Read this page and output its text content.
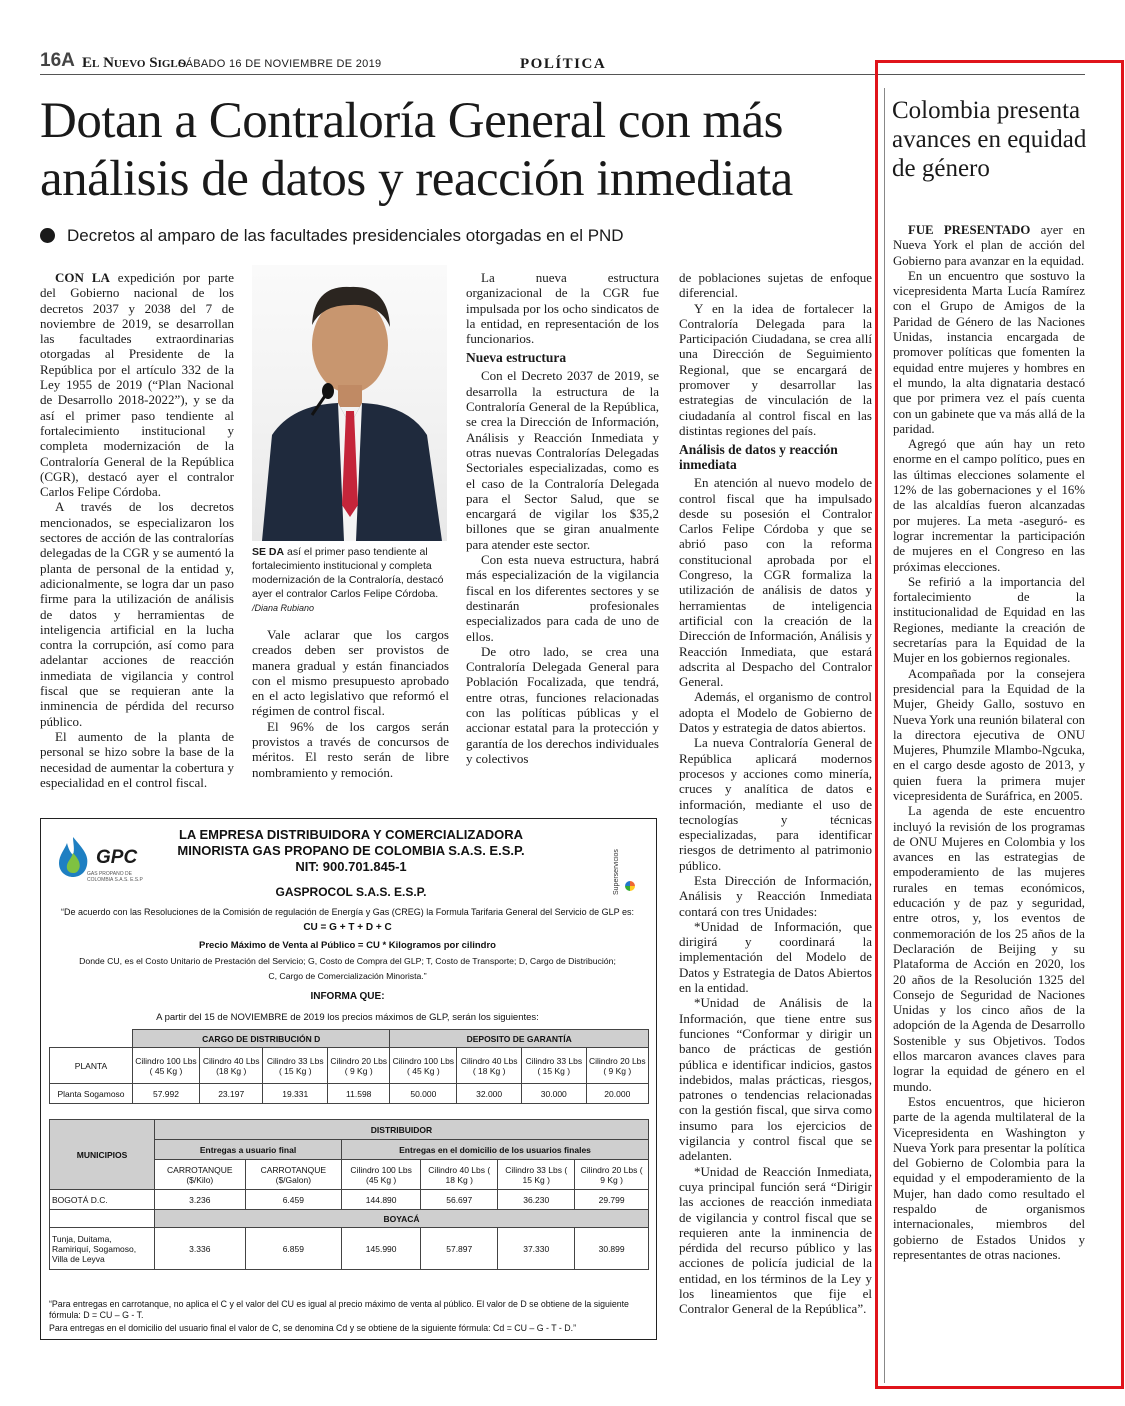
16A El Nuevo Siglo
SÁBADO 16 DE NOVIEMBRE DE 2019	POLÍTICA
Dotan a Contraloría General con más análisis de datos y reacción inmediata
Decretos al amparo de las facultades presidenciales otorgadas en el PND

CON LA expedición por parte del Gobierno nacional de los decretos 2037 y 2038 del 7 de noviembre de 2019, se desarrollan las facultades extraordinarias otorgadas al Presidente de la República por el artículo 332 de la Ley 1955 de 2019 (“Plan Nacional de Desarrollo 2018-2022”), y se da así el primer paso tendiente al fortalecimiento institucional y completa modernización de la Contraloría General de la República (CGR), destacó ayer el contralor Carlos Felipe Córdoba.

A través de los decretos mencionados, se especializaron los sectores de acción de las contralorías delegadas de la CGR y se aumentó la planta de personal de la entidad y, adicionalmente, se logra dar un paso firme para la utilización de análisis de datos y herramientas de inteligencia artificial en la lucha contra la corrupción, así como para adelantar acciones de reacción inmediata de vigilancia y control fiscal que se requieran ante la inminencia de pérdida del recurso público.

El aumento de la planta de personal se hizo sobre la base de la necesidad de aumentar la cobertura y especialidad en el control fiscal.

SE DA así el primer paso tendiente al fortalecimiento institucional y completa modernización de la Contraloría, destacó ayer el contralor Carlos Felipe Córdoba. /Diana Rubiano

Vale aclarar que los cargos creados deben ser provistos de manera gradual y están financiados con el mismo presupuesto aprobado en el acto legislativo que reformó el régimen de control fiscal.

El 96% de los cargos serán provistos a través de concursos de méritos. El resto serán de libre nombramiento y remoción.

La nueva estructura organizacional de la CGR fue impulsada por los ocho sindicatos de la entidad, en representación de los funcionarios.

Nueva estructura

Con el Decreto 2037 de 2019, se desarrolla la estructura de la Contraloría General de la República, se crea la Dirección de Información, Análisis y Reacción Inmediata y otras nuevas Contralorías Delegadas Sectoriales especializadas, como es el caso de la Contraloría Delegada para el Sector Salud, que se encargará de vigilar los $35,2 billones que se giran anualmente para atender este sector.

Con esta nueva estructura, habrá más especialización de la vigilancia fiscal en los diferentes sectores y se destinarán profesionales especializados para cada de uno de ellos.

De otro lado, se crea una Contraloría Delegada General para Población Focalizada, que tendrá, entre otras, funciones relacionadas con las políticas públicas y el accionar estatal para la protección y garantía de los derechos individuales y colectivos

de poblaciones sujetas de enfoque diferencial.

Y en la idea de fortalecer la Contraloría Delegada para la Participación Ciudadana, se crea allí una Dirección de Seguimiento Regional, que se encargará de promover y desarrollar las estrategias de vinculación de la ciudadanía al control fiscal en las distintas regiones del país.

Análisis de datos y reacción inmediata

En atención al nuevo modelo de control fiscal que ha impulsado desde su posesión el Contralor Carlos Felipe Córdoba y que se abrió paso con la reforma constitucional aprobada por el Congreso, la CGR formaliza la utilización de análisis de datos y herramientas de inteligencia artificial con la creación de la Dirección de Información, Análisis y Reacción Inmediata, que estará adscrita al Despacho del Contralor General.

Además, el organismo de control adopta el Modelo de Gobierno de Datos y estrategia de datos abiertos.

La nueva Contraloría General de República aplicará modernos procesos y acciones como minería, cruces y analítica de datos e información, mediante el uso de tecnologías y técnicas especializadas, para identificar riesgos de detrimento al patrimonio público.

Esta Dirección de Información, Análisis y Reacción Inmediata contará con tres Unidades:

*Unidad de Información, que dirigirá y coordinará la implementación del Modelo de Datos y Estrategia de Datos Abiertos en la entidad.

*Unidad de Análisis de la Información, que tiene entre sus funciones “Conformar y dirigir un banco de prácticas de gestión pública e identificar indicios, gastos indebidos, malas prácticas, riesgos, patrones o tendencias relacionadas con la gestión fiscal, que sirva como insumo para los ejercicios de vigilancia y control fiscal que se adelanten.

*Unidad de Reacción Inmediata, cuya principal función será “Dirigir las acciones de reacción inmediata de vigilancia y control fiscal que se requieren ante la inminencia de pérdida del recurso público y las acciones de policía judicial de la entidad, en los términos de la Ley y los lineamientos que fije el Contralor General de la República”.

Colombia presenta avances en equidad de género

FUE PRESENTADO ayer en Nueva York el plan de acción del Gobierno para avanzar en la equidad.

En un encuentro que sostuvo la vicepresidenta Marta Lucía Ramírez con el Grupo de Amigos de la Paridad de Género de las Naciones Unidas, instancia encargada de promover políticas que fomenten la equidad entre mujeres y hombres en el mundo, la alta dignataria destacó que por primera vez el país cuenta con un gabinete que va más allá de la paridad.

Agregó que aún hay un reto enorme en el campo político, pues en las últimas elecciones solamente el 12% de las gobernaciones y el 16% de las alcaldías fueron alcanzadas por mujeres. La meta -aseguró- es lograr incrementar la participación de mujeres en el Congreso en las próximas elecciones.

Se refirió a la importancia del fortalecimiento de la institucionalidad de Equidad en las Regiones, mediante la creación de secretarías para la Equidad de la Mujer en los gobiernos regionales.

Acompañada por la consejera presidencial para la Equidad de la Mujer, Gheidy Gallo, sostuvo en Nueva York una reunión bilateral con la directora ejecutiva de ONU Mujeres, Phumzile Mlambo-Ngcuka, en el cargo desde agosto de 2013, y quien fuera la primera mujer vicepresidenta de Suráfrica, en 2005.

La agenda de este encuentro incluyó la revisión de los programas de ONU Mujeres en Colombia y los avances en las estrategias de empoderamiento de las mujeres rurales en temas económicos, educación y de paz y seguridad, entre otros, y, los eventos de conmemoración de los 25 años de la Declaración de Beijing y su Plataforma de Acción en 2020, los 20 años de la Resolución 1325 del Consejo de Seguridad de Naciones Unidas y los cinco años de la adopción de la Agenda de Desarrollo Sostenible y sus Objetivos. Todos ellos marcaron avances claves para lograr la equidad de género en el mundo.

Estos encuentros, que hicieron parte de la agenda multilateral de la Vicepresidenta en Washington y Nueva York para presentar la política del Gobierno de Colombia para la equidad y el empoderamiento de la Mujer, han dado como resultado el respaldo de organismos internacionales, miembros del gobierno de Estados Unidos y representantes de otras naciones.

GPC
GAS PROPANO DE COLOMBIA S.A.S. E.S.P	Superservicios
LA EMPRESA DISTRIBUIDORA Y COMERCIALIZADORA
MINORISTA GAS PROPANO DE COLOMBIA S.A.S. E.S.P.
NIT: 900.701.845-1
GASPROCOL S.A.S. E.S.P.
“De acuerdo con las Resoluciones de la Comisión de regulación de Energía y Gas (CREG) la Formula Tarifaria General del Servicio de GLP es:
CU = G + T + D + C
Precio Máximo de Venta al Público = CU * Kilogramos por cilindro
Donde CU, es el Costo Unitario de Prestación del Servicio; G, Costo de Compra del GLP; T, Costo de Transporte; D, Cargo de Distribución;
C, Cargo de Comercialización Minorista.”
INFORMA QUE:
A partir del 15 de NOVIEMBRE de 2019 los precios máximos de GLP, serán los siguientes:
	CARGO DE DISTRIBUCIÓN D				DEPOSITO DE GARANTÍA			
PLANTA	Cilindro 100 Lbs ( 45 Kg )	Cilindro 40 Lbs (18 Kg )	Cilindro 33 Lbs ( 15 Kg )	Cilindro 20 Lbs ( 9 Kg )	Cilindro 100 Lbs ( 45 Kg )	Cilindro 40 Lbs ( 18 Kg )	Cilindro 33 Lbs ( 15 Kg )	Cilindro 20 Lbs ( 9 Kg )
Planta Sogamoso	57.992	23.197	19.331	11.598	50.000	32.000	30.000	20.000
MUNICIPIOS	DISTRIBUIDOR					
	Entregas a usuario final		Entregas en el domicilio de los usuarios finales			
	CARROTANQUE ($/Kilo)	CARROTANQUE ($/Galon)	Cilindro 100 Lbs (45 Kg )	Cilindro 40 Lbs ( 18 Kg )	Cilindro 33 Lbs ( 15 Kg )	Cilindro 20 Lbs ( 9 Kg )
BOGOTÁ D.C.	3.236	6.459	144.890	56.697	36.230	29.799
	BOYACÁ					
Tunja, Duitama, Ramiriquí, Sogamoso, Villa de Leyva	3.336	6.859	145.990	57.897	37.330	30.899
“Para entregas en carrotanque, no aplica el C y el valor del CU es igual al precio máximo de venta al público. El valor de D se obtiene de la siguiente fórmula: D = CU – G - T.
Para entregas en el domicilio del usuario final el valor de C, se denomina Cd y se obtiene de la siguiente fórmula: Cd = CU – G - T - D.”
